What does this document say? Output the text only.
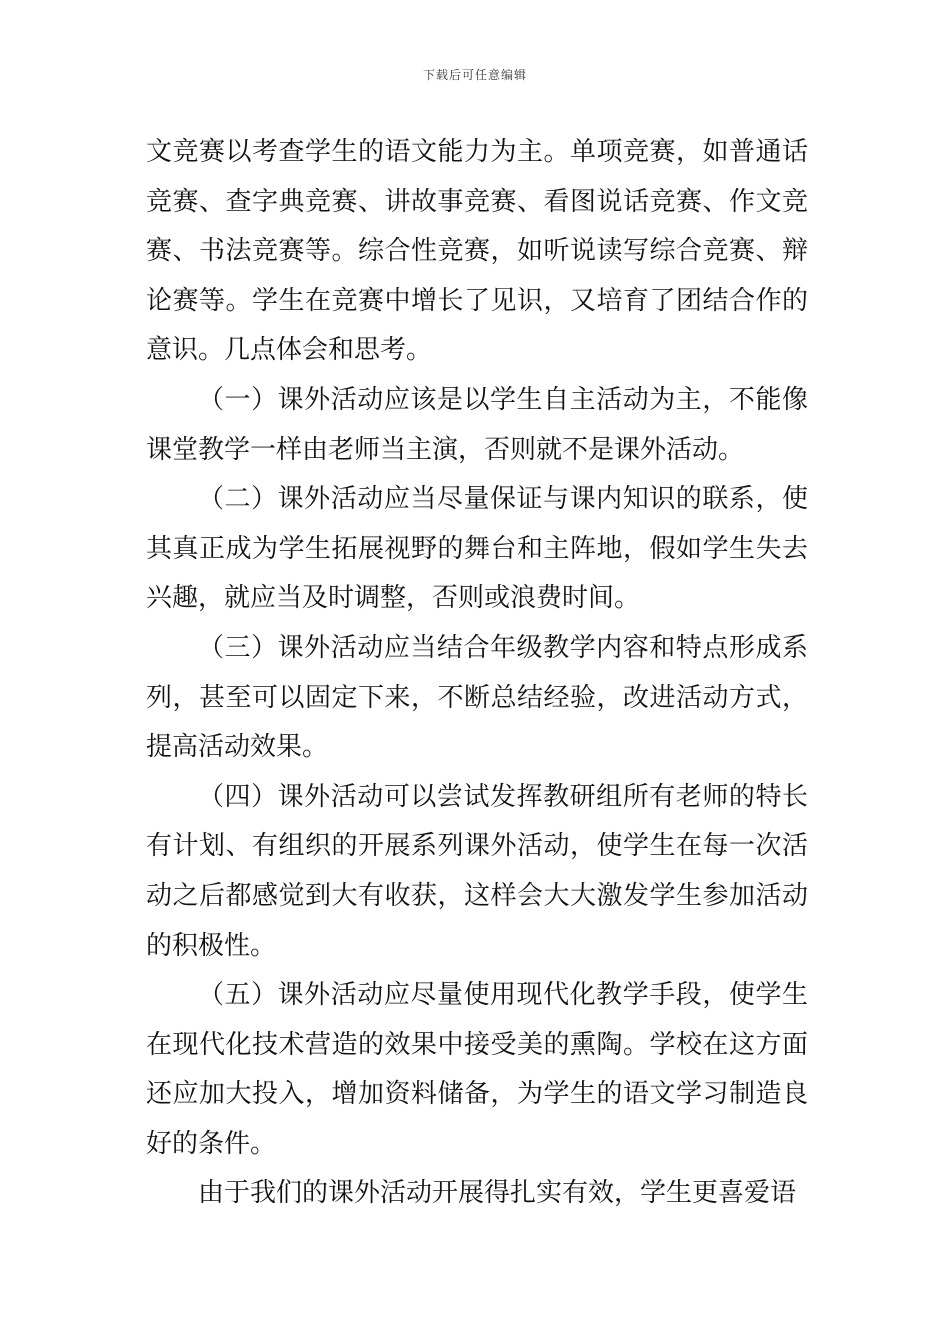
下载后可任意编辑

文竞赛以考查学生的语文能力为主。单项竞赛，如普通话竞赛、查字典竞赛、讲故事竞赛、看图说话竞赛、作文竞赛、书法竞赛等。综合性竞赛，如听说读写综合竞赛、辩论赛等。学生在竞赛中增长了见识，又培育了团结合作的意识。几点体会和思考。

（一）课外活动应该是以学生自主活动为主，不能像课堂教学一样由老师当主演，否则就不是课外活动。

（二）课外活动应当尽量保证与课内知识的联系，使其真正成为学生拓展视野的舞台和主阵地，假如学生失去兴趣，就应当及时调整，否则或浪费时间。

（三）课外活动应当结合年级教学内容和特点形成系列，甚至可以固定下来，不断总结经验，改进活动方式，提高活动效果。

（四）课外活动可以尝试发挥教研组所有老师的特长有计划、有组织的开展系列课外活动，使学生在每一次活动之后都感觉到大有收获，这样会大大激发学生参加活动的积极性。

（五）课外活动应尽量使用现代化教学手段，使学生在现代化技术营造的效果中接受美的熏陶。学校在这方面还应加大投入，增加资料储备，为学生的语文学习制造良好的条件。

由于我们的课外活动开展得扎实有效，学生更喜爱语
